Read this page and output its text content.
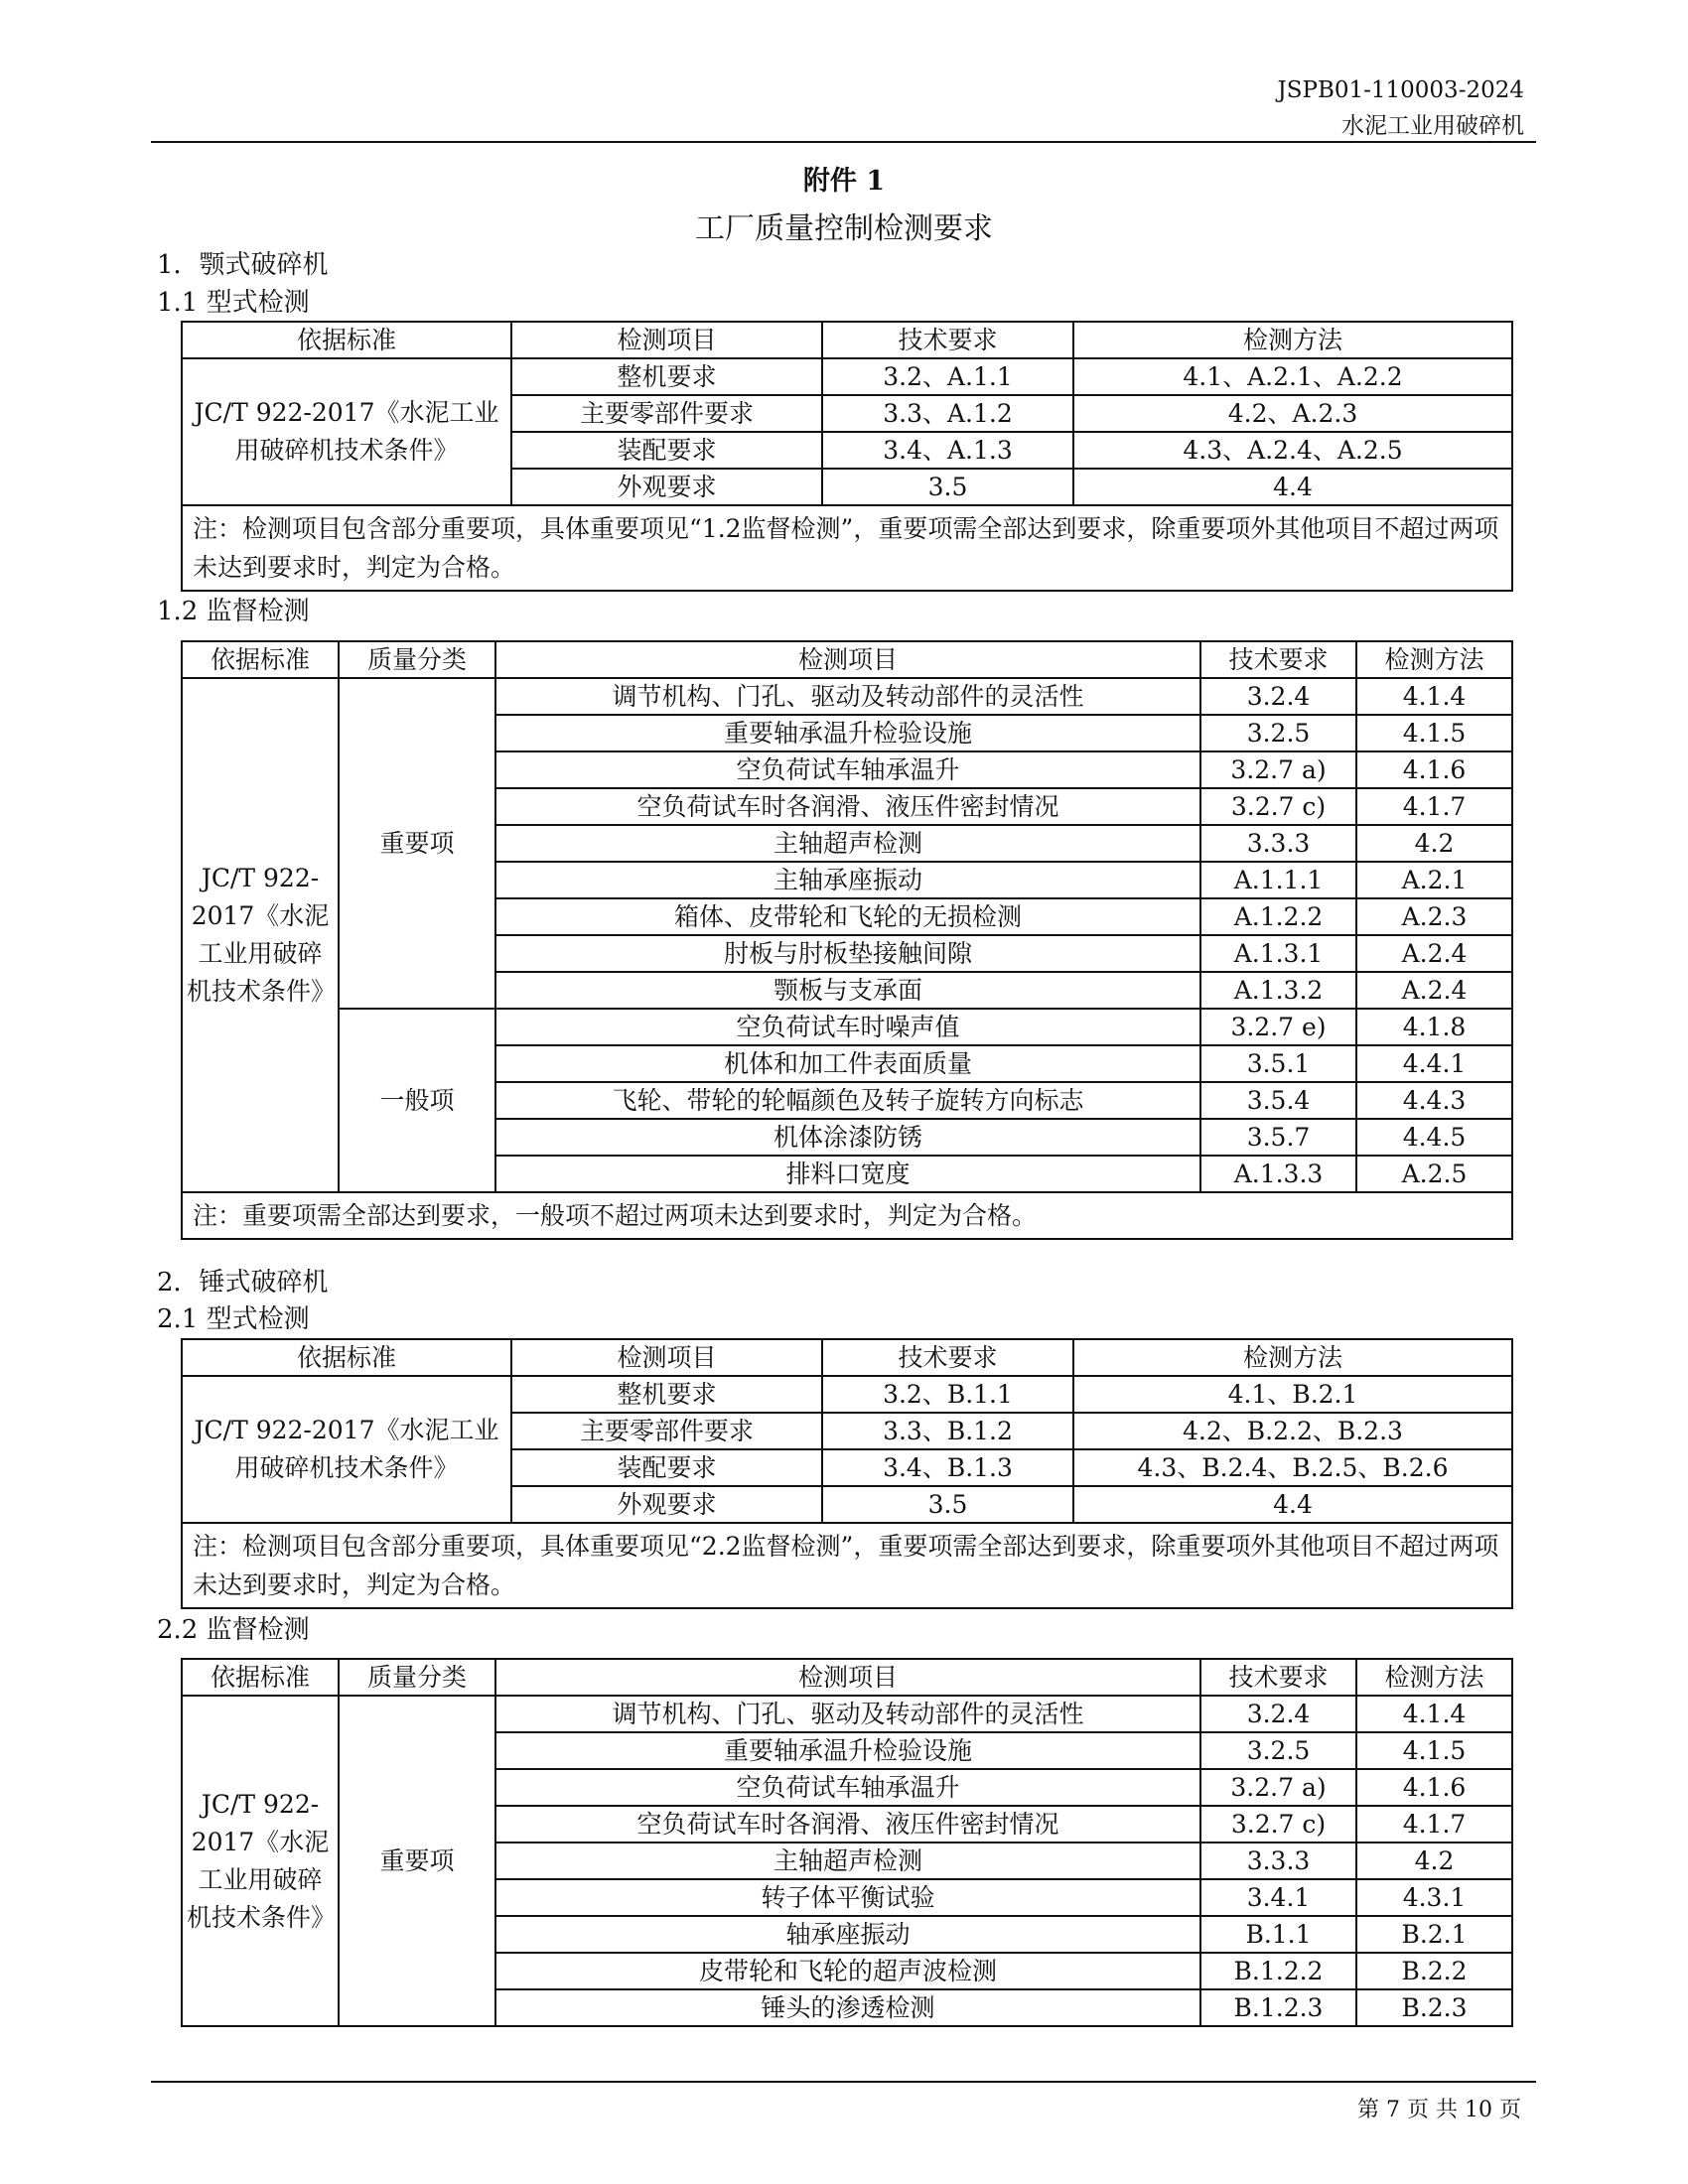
JSPB01-110003-2024
水泥工业用破碎机
附件 1
工厂质量控制检测要求
1．颚式破碎机
1.1 型式检测
依据标准	检测项目	技术要求	检测方法
JC/T 922-2017《水泥工业用破碎机技术条件》	整机要求	3.2、A.1.1	4.1、A.2.1、A.2.2
	主要零部件要求	3.3、A.1.2	4.2、A.2.3
	装配要求	3.4、A.1.3	4.3、A.2.4、A.2.5
	外观要求	3.5	4.4
注：检测项目包含部分重要项，具体重要项见“1.2监督检测”，重要项需全部达到要求，除重要项外其他项目不超过两项未达到要求时，判定为合格。			
1.2 监督检测
依据标准	质量分类	检测项目	技术要求	检测方法
JC/T 922-2017《水泥工业用破碎机技术条件》	重要项	调节机构、门孔、驱动及转动部件的灵活性	3.2.4	4.1.4
		重要轴承温升检验设施	3.2.5	4.1.5
		空负荷试车轴承温升	3.2.7 a)	4.1.6
		空负荷试车时各润滑、液压件密封情况	3.2.7 c)	4.1.7
		主轴超声检测	3.3.3	4.2
		主轴承座振动	A.1.1.1	A.2.1
		箱体、皮带轮和飞轮的无损检测	A.1.2.2	A.2.3
		肘板与肘板垫接触间隙	A.1.3.1	A.2.4
		颚板与支承面	A.1.3.2	A.2.4
	一般项	空负荷试车时噪声值	3.2.7 e)	4.1.8
		机体和加工件表面质量	3.5.1	4.4.1
		飞轮、带轮的轮幅颜色及转子旋转方向标志	3.5.4	4.4.3
		机体涂漆防锈	3.5.7	4.4.5
		排料口宽度	A.1.3.3	A.2.5
注：重要项需全部达到要求，一般项不超过两项未达到要求时，判定为合格。				
2．锤式破碎机
2.1 型式检测
依据标准	检测项目	技术要求	检测方法
JC/T 922-2017《水泥工业用破碎机技术条件》	整机要求	3.2、B.1.1	4.1、B.2.1
	主要零部件要求	3.3、B.1.2	4.2、B.2.2、B.2.3
	装配要求	3.4、B.1.3	4.3、B.2.4、B.2.5、B.2.6
	外观要求	3.5	4.4
注：检测项目包含部分重要项，具体重要项见“2.2监督检测”，重要项需全部达到要求，除重要项外其他项目不超过两项未达到要求时，判定为合格。			
2.2 监督检测
依据标准	质量分类	检测项目	技术要求	检测方法
JC/T 922-2017《水泥工业用破碎机技术条件》	重要项	调节机构、门孔、驱动及转动部件的灵活性	3.2.4	4.1.4
		重要轴承温升检验设施	3.2.5	4.1.5
		空负荷试车轴承温升	3.2.7 a)	4.1.6
		空负荷试车时各润滑、液压件密封情况	3.2.7 c)	4.1.7
		主轴超声检测	3.3.3	4.2
		转子体平衡试验	3.4.1	4.3.1
		轴承座振动	B.1.1	B.2.1
		皮带轮和飞轮的超声波检测	B.1.2.2	B.2.2
		锤头的渗透检测	B.1.2.3	B.2.3
第 7 页 共 10 页
